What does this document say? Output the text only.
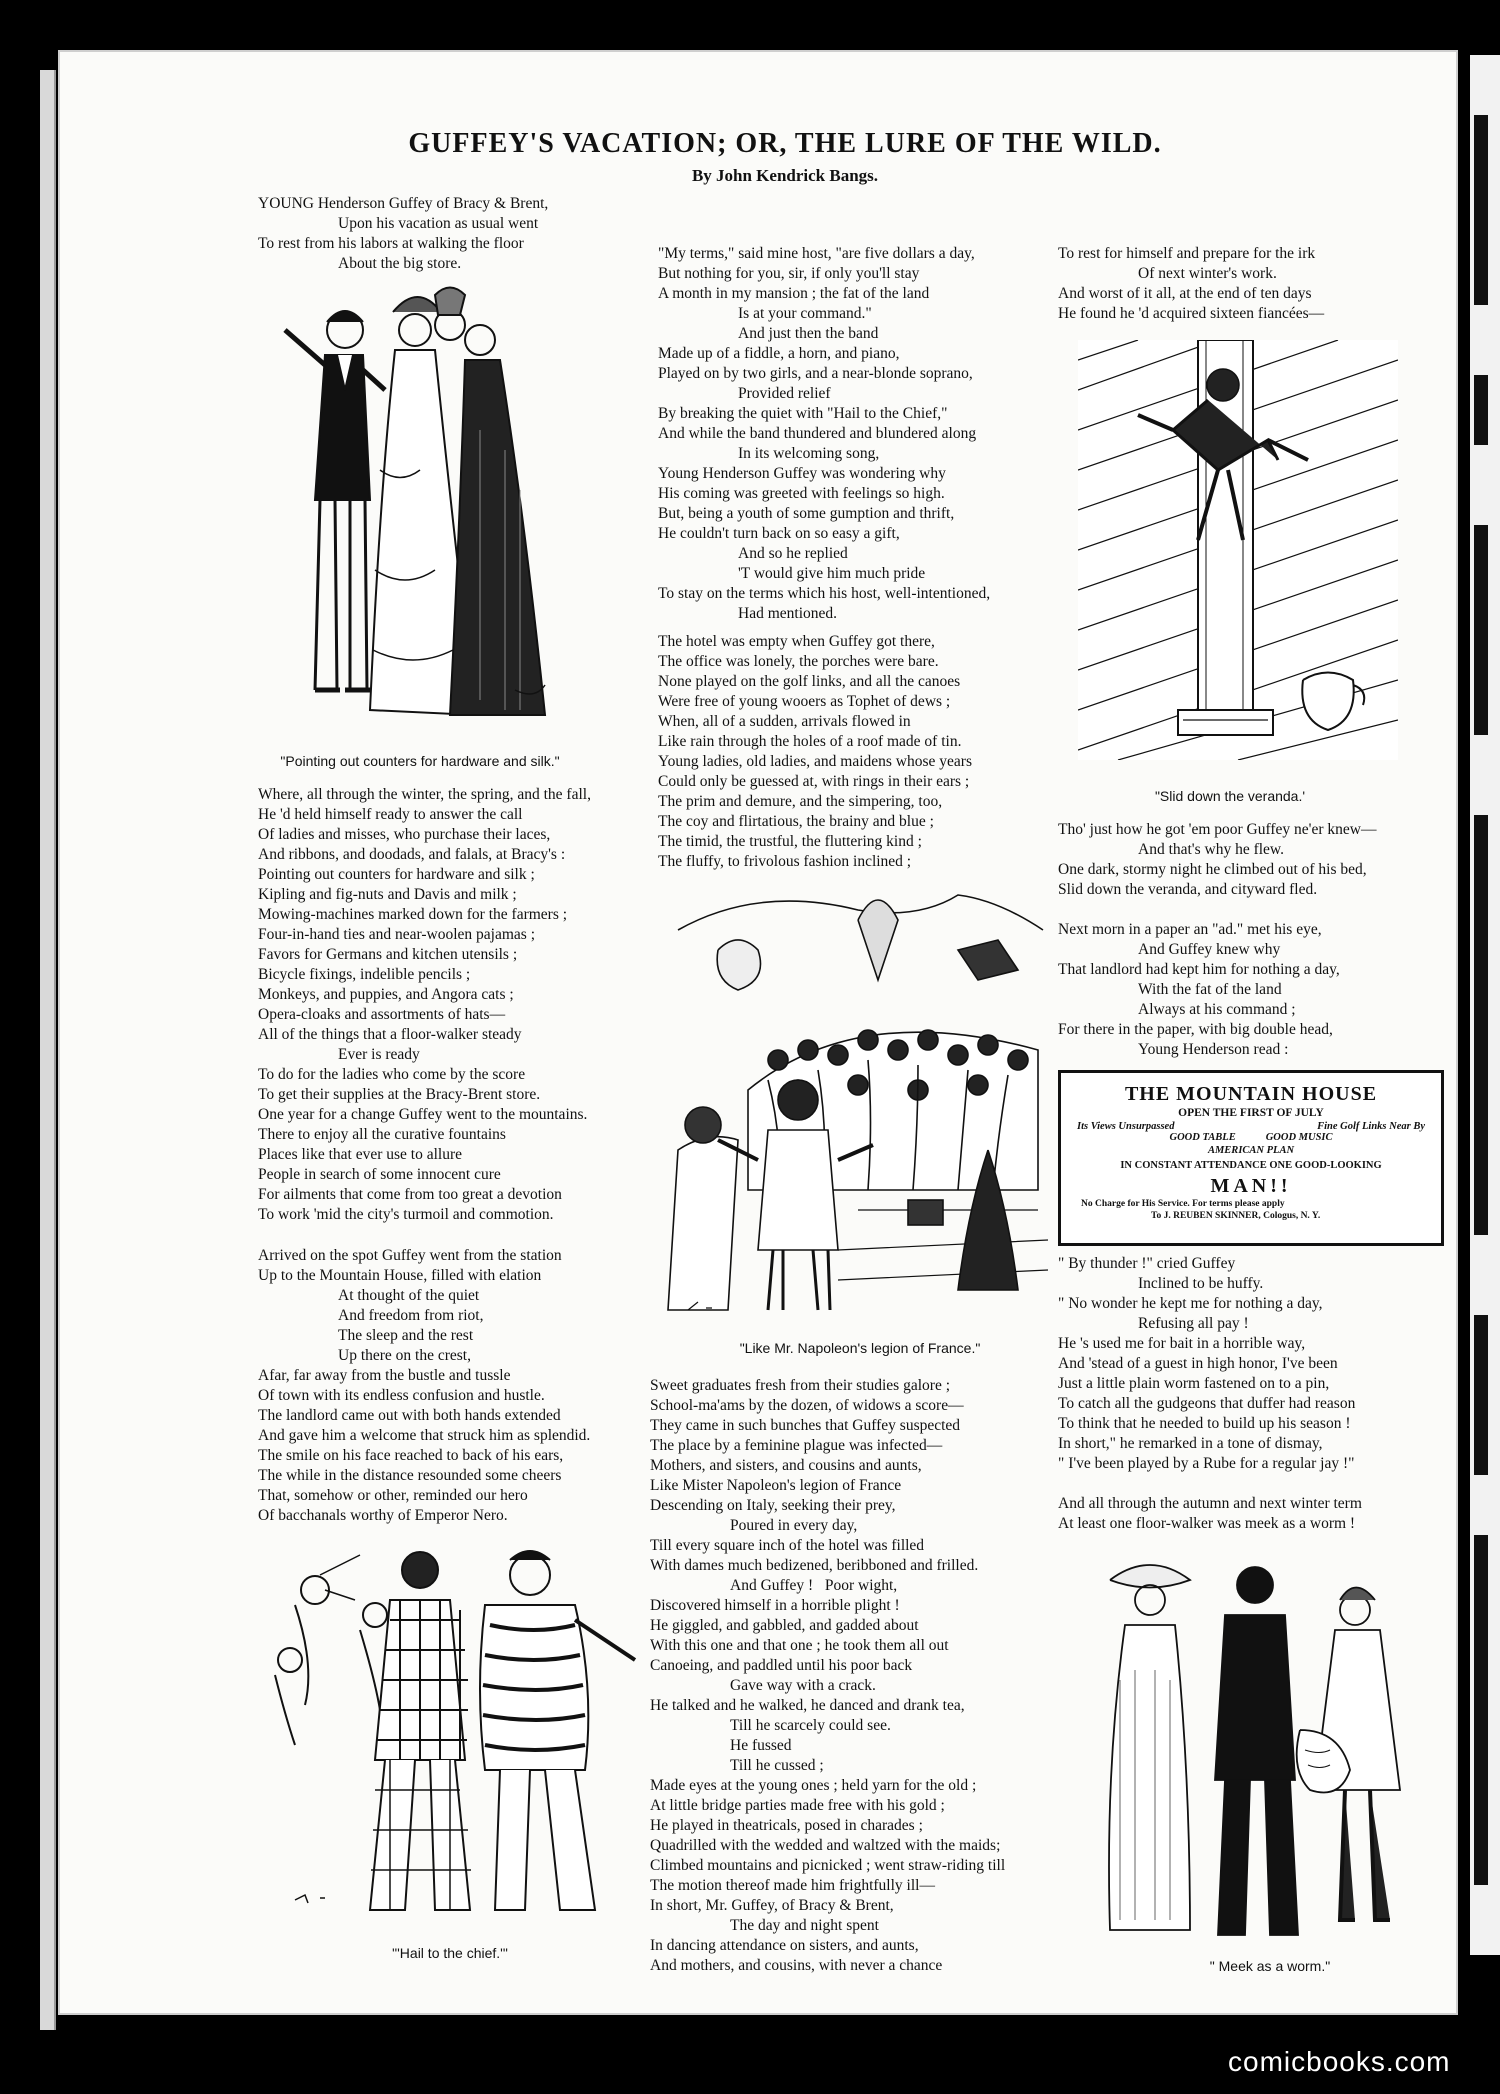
GUFFEY'S VACATION; OR, THE LURE OF THE WILD.
By John Kendrick Bangs.
YOUNG Henderson Guffey of Bracy & Brent,
Upon his vacation as usual went
To rest from his labors at walking the floor
About the big store.
"Pointing out counters for hardware and silk."
Where, all through the winter, the spring, and the fall,
He 'd held himself ready to answer the call
Of ladies and misses, who purchase their laces,
And ribbons, and doodads, and falals, at Bracy's :
Pointing out counters for hardware and silk ;
Kipling and fig-nuts and Davis and milk ;
Mowing-machines marked down for the farmers ;
Four-in-hand ties and near-woolen pajamas ;
Favors for Germans and kitchen utensils ;
Bicycle fixings, indelible pencils ;
Monkeys, and puppies, and Angora cats ;
Opera-cloaks and assortments of hats—
All of the things that a floor-walker steady
Ever is ready
To do for the ladies who come by the score
To get their supplies at the Bracy-Brent store.
One year for a change Guffey went to the mountains.
There to enjoy all the curative fountains
Places like that ever use to allure
People in search of some innocent cure
For ailments that come from too great a devotion
To work 'mid the city's turmoil and commotion.
Arrived on the spot Guffey went from the station
Up to the Mountain House, filled with elation
At thought of the quiet
And freedom from riot,
The sleep and the rest
Up there on the crest,
Afar, far away from the bustle and tussle
Of town with its endless confusion and hustle.
The landlord came out with both hands extended
And gave him a welcome that struck him as splendid.
The smile on his face reached to back of his ears,
The while in the distance resounded some cheers
That, somehow or other, reminded our hero
Of bacchanals worthy of Emperor Nero.
"'Hail to the chief.'"
"My terms," said mine host, "are five dollars a day,
But nothing for you, sir, if only you'll stay
A month in my mansion ; the fat of the land
Is at your command."
And just then the band
Made up of a fiddle, a horn, and piano,
Played on by two girls, and a near-blonde soprano,
Provided relief
By breaking the quiet with "Hail to the Chief,"
And while the band thundered and blundered along
In its welcoming song,
Young Henderson Guffey was wondering why
His coming was greeted with feelings so high.
But, being a youth of some gumption and thrift,
He couldn't turn back on so easy a gift,
And so he replied
'T would give him much pride
To stay on the terms which his host, well-intentioned,
Had mentioned.
The hotel was empty when Guffey got there,
The office was lonely, the porches were bare.
None played on the golf links, and all the canoes
Were free of young wooers as Tophet of dews ;
When, all of a sudden, arrivals flowed in
Like rain through the holes of a roof made of tin.
Young ladies, old ladies, and maidens whose years
Could only be guessed at, with rings in their ears ;
The prim and demure, and the simpering, too,
The coy and flirtatious, the brainy and blue ;
The timid, the trustful, the fluttering kind ;
The fluffy, to frivolous fashion inclined ;
"Like Mr. Napoleon's legion of France."
Sweet graduates fresh from their studies galore ;
School-ma'ams by the dozen, of widows a score—
They came in such bunches that Guffey suspected
The place by a feminine plague was infected—
Mothers, and sisters, and cousins and aunts,
Like Mister Napoleon's legion of France
Descending on Italy, seeking their prey,
Poured in every day,
Till every square inch of the hotel was filled
With dames much bedizened, beribboned and frilled.
And Guffey !   Poor wight,
Discovered himself in a horrible plight !
He giggled, and gabbled, and gadded about
With this one and that one ; he took them all out
Canoeing, and paddled until his poor back
Gave way with a crack.
He talked and he walked, he danced and drank tea,
Till he scarcely could see.
He fussed
Till he cussed ;
Made eyes at the young ones ; held yarn for the old ;
At little bridge parties made free with his gold ;
He played in theatricals, posed in charades ;
Quadrilled with the wedded and waltzed with the maids;
Climbed mountains and picnicked ; went straw-riding till
The motion thereof made him frightfully ill—
In short, Mr. Guffey, of Bracy & Brent,
The day and night spent
In dancing attendance on sisters, and aunts,
And mothers, and cousins, with never a chance
To rest for himself and prepare for the irk
Of next winter's work.
And worst of it all, at the end of ten days
He found he 'd acquired sixteen fiancées—
"Slid down the veranda.'
Tho' just how he got 'em poor Guffey ne'er knew—
And that's why he flew.
One dark, stormy night he climbed out of his bed,
Slid down the veranda, and cityward fled.
Next morn in a paper an "ad." met his eye,
And Guffey knew why
That landlord had kept him for nothing a day,
With the fat of the land
Always at his command ;
For there in the paper, with big double head,
Young Henderson read :
THE MOUNTAIN HOUSE
OPEN THE FIRST OF JULY
Its Views Unsurpassed	Fine Golf Links Near By
GOOD TABLE	GOOD MUSIC
AMERICAN PLAN
IN CONSTANT ATTENDANCE ONE GOOD-LOOKING
MAN!!
No Charge for His Service. For terms please apply
To J. REUBEN SKINNER, Cologus, N. Y.
" By thunder !" cried Guffey
Inclined to be huffy.
" No wonder he kept me for nothing a day,
Refusing all pay !
He 's used me for bait in a horrible way,
And 'stead of a guest in high honor, I've been
Just a little plain worm fastened on to a pin,
To catch all the gudgeons that duffer had reason
To think that he needed to build up his season !
In short," he remarked in a tone of dismay,
" I've been played by a Rube for a regular jay !"
And all through the autumn and next winter term
At least one floor-walker was meek as a worm !
" Meek as a worm."
comicbooks.com
